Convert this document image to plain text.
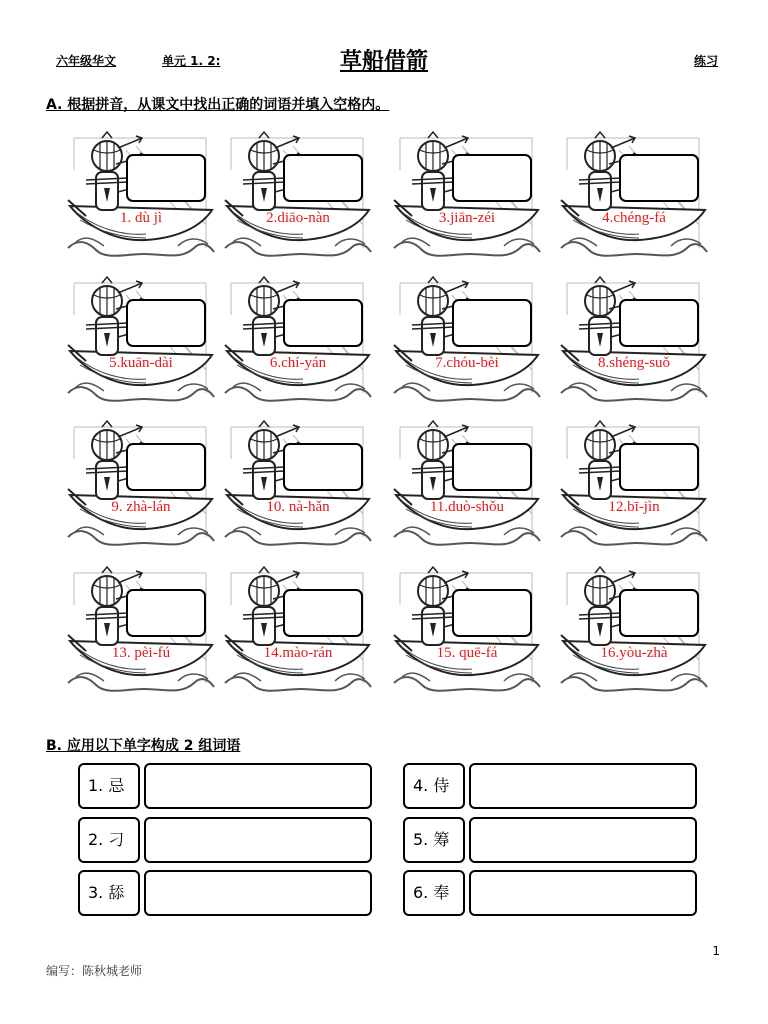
六年级华文	单元 1. 2:	草船借箭	练习
A. 根据拼音，从课文中找出正确的词语并填入空格内。
1. dù jì	2.diāo-nàn	3.jiān-zéi	4.chéng-fá
5.kuān-dài	6.chí-yán	7.chóu-bèi	8.shéng-suǒ
9. zhà-lán	10. nà-hǎn	11.duò-shǒu	12.bī-jìn
13. pèi-fú	14.mào-rán	15. quē-fá	16.yòu-zhà
B. 应用以下单字构成 2 组词语
1. 忌
2. 刁
3. 舔
4. 侍
5. 筹
6. 奉
1
编写：陈秋城老师
